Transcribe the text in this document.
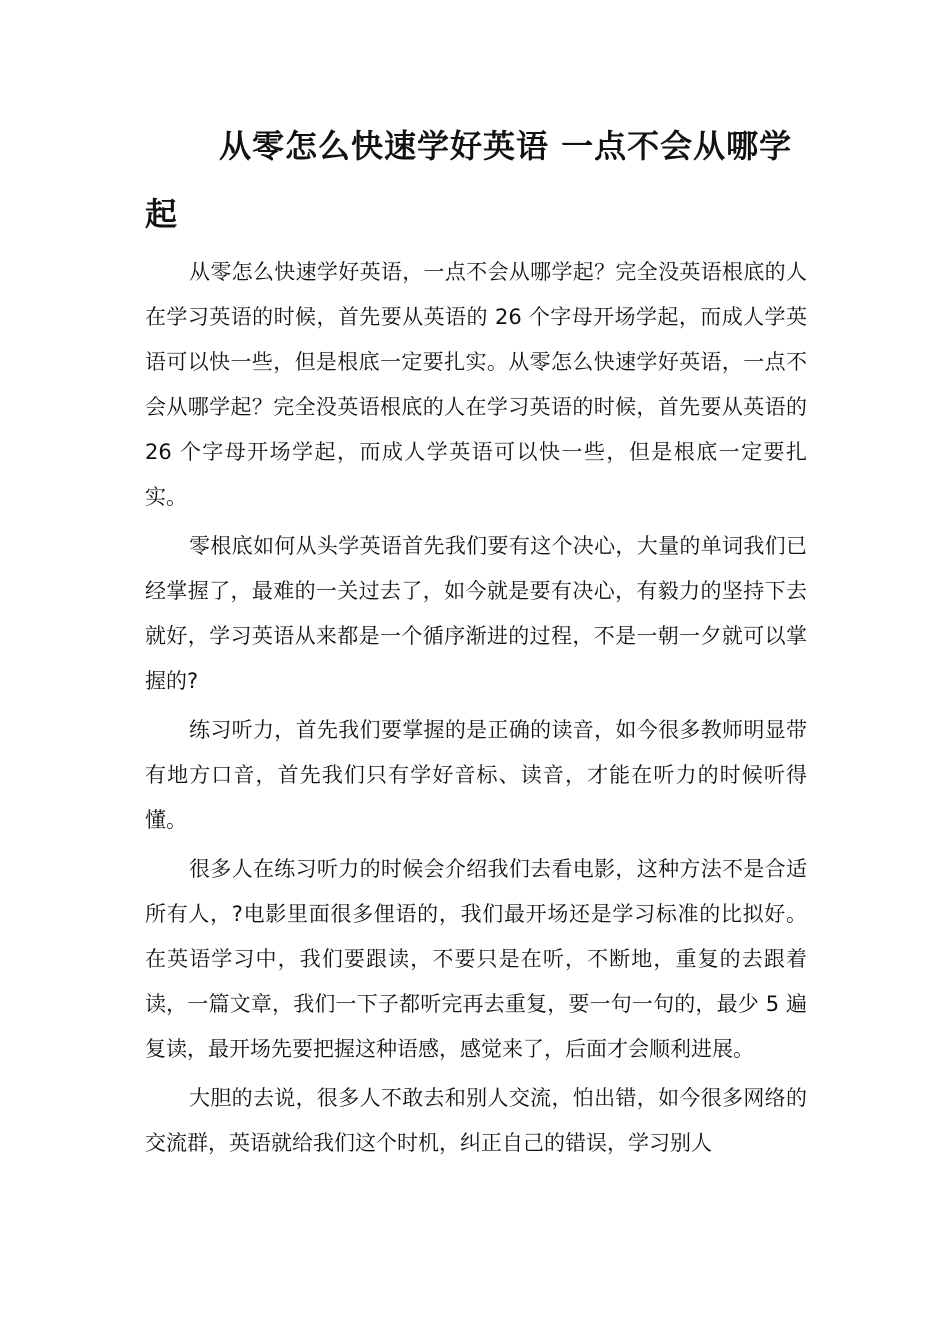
从零怎么快速学好英语 一点不会从哪学起

从零怎么快速学好英语，一点不会从哪学起？完全没英语根底的人在学习英语的时候，首先要从英语的 26 个字母开场学起，而成人学英语可以快一些，但是根底一定要扎实。从零怎么快速学好英语，一点不会从哪学起？完全没英语根底的人在学习英语的时候，首先要从英语的 26 个字母开场学起，而成人学英语可以快一些，但是根底一定要扎实。

零根底如何从头学英语首先我们要有这个决心，大量的单词我们已经掌握了，最难的一关过去了，如今就是要有决心，有毅力的坚持下去就好，学习英语从来都是一个循序渐进的过程，不是一朝一夕就可以掌握的?

练习听力，首先我们要掌握的是正确的读音，如今很多教师明显带有地方口音，首先我们只有学好音标、读音，才能在听力的时候听得懂。

很多人在练习听力的时候会介绍我们去看电影，这种方法不是合适所有人，?电影里面很多俚语的，我们最开场还是学习标准的比拟好。在英语学习中，我们要跟读，不要只是在听，不断地，重复的去跟着读，一篇文章，我们一下子都听完再去重复，要一句一句的，最少 5 遍复读，最开场先要把握这种语感，感觉来了，后面才会顺利进展。

大胆的去说，很多人不敢去和别人交流，怕出错，如今很多网络的交流群，英语就给我们这个时机，纠正自己的错误，学习别人
